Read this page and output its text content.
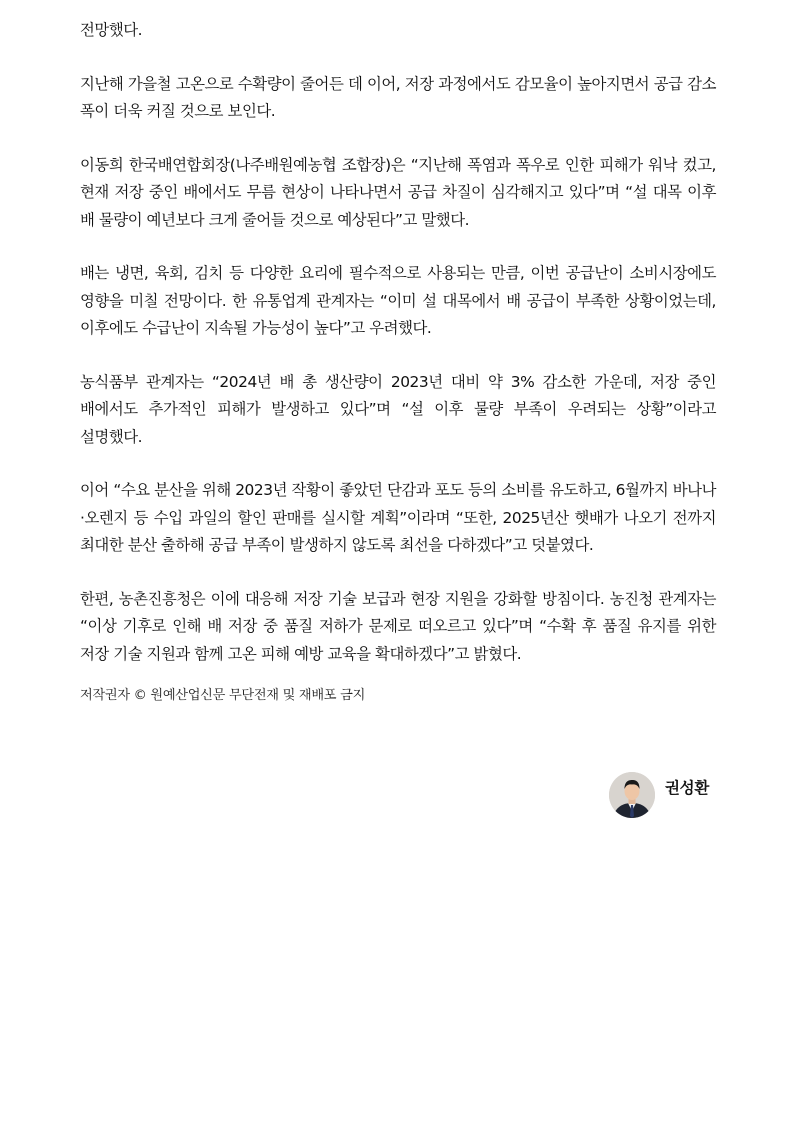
전망했다.

지난해 가을철 고온으로 수확량이 줄어든 데 이어, 저장 과정에서도 감모율이 높아지면서 공급 감소 폭이 더욱 커질 것으로 보인다.

이동희 한국배연합회장(나주배원예농협 조합장)은 “지난해 폭염과 폭우로 인한 피해가 워낙 컸고, 현재 저장 중인 배에서도 무름 현상이 나타나면서 공급 차질이 심각해지고 있다”며 “설 대목 이후 배 물량이 예년보다 크게 줄어들 것으로 예상된다”고 말했다.

배는 냉면, 육회, 김치 등 다양한 요리에 필수적으로 사용되는 만큼, 이번 공급난이 소비시장에도 영향을 미칠 전망이다. 한 유통업계 관계자는 “이미 설 대목에서 배 공급이 부족한 상황이었는데, 이후에도 수급난이 지속될 가능성이 높다”고 우려했다.

농식품부 관계자는 “2024년 배 총 생산량이 2023년 대비 약 3% 감소한 가운데, 저장 중인 배에서도 추가적인 피해가 발생하고 있다”며 “설 이후 물량 부족이 우려되는 상황”이라고 설명했다.

이어 “수요 분산을 위해 2023년 작황이 좋았던 단감과 포도 등의 소비를 유도하고, 6월까지 바나나·오렌지 등 수입 과일의 할인 판매를 실시할 계획”이라며 “또한, 2025년산 햇배가 나오기 전까지 최대한 분산 출하해 공급 부족이 발생하지 않도록 최선을 다하겠다”고 덧붙였다.

한편, 농촌진흥청은 이에 대응해 저장 기술 보급과 현장 지원을 강화할 방침이다. 농진청 관계자는 “이상 기후로 인해 배 저장 중 품질 저하가 문제로 떠오르고 있다”며 “수확 후 품질 유지를 위한 저장 기술 지원과 함께 고온 피해 예방 교육을 확대하겠다”고 밝혔다.

저작권자 © 원예산업신문 무단전재 및 재배포 금지
권성환
